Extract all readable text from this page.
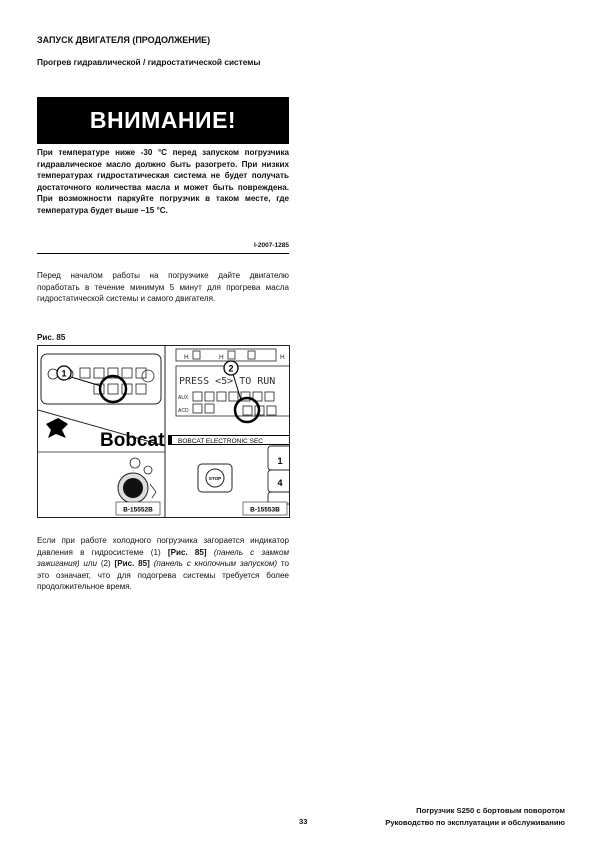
ЗАПУСК ДВИГАТЕЛЯ (ПРОДОЛЖЕНИЕ)
Прогрев гидравлической / гидростатической системы
ВНИМАНИЕ!
При температуре ниже -30 °C перед запуском погрузчика гидравлическое масло должно быть разогрето. При низких температурах гидростатическая система не будет получать достаточного количества масла и может быть повреждена. При возможности паркуйте погрузчик в таком месте, где температура будет выше –15 °C.
I-2007-1285
Перед началом работы на погрузчике дайте двигателю поработать в течение минимум 5 минут для прогрева масла гидростатической системы и самого двигателя.
Рис. 85
1
Bobcat
B-15552B
H	H	H
PRESS <5> TO RUN
AUX
ACD
2
BOBCAT ELECTRONIC SEC
STOP
1
4
B-15553B
Если при работе холодного погрузчика загорается индикатор давления в гидросистеме (1) [Рис. 85] (панель с замком зажигания) или (2) [Рис. 85] (панель с кнопочным запуском) то это означает, что для подогрева системы требуется более продолжительное время.
Погрузчик S250 с бортовым поворотом
Руководство по эксплуатации и обслуживанию
33
